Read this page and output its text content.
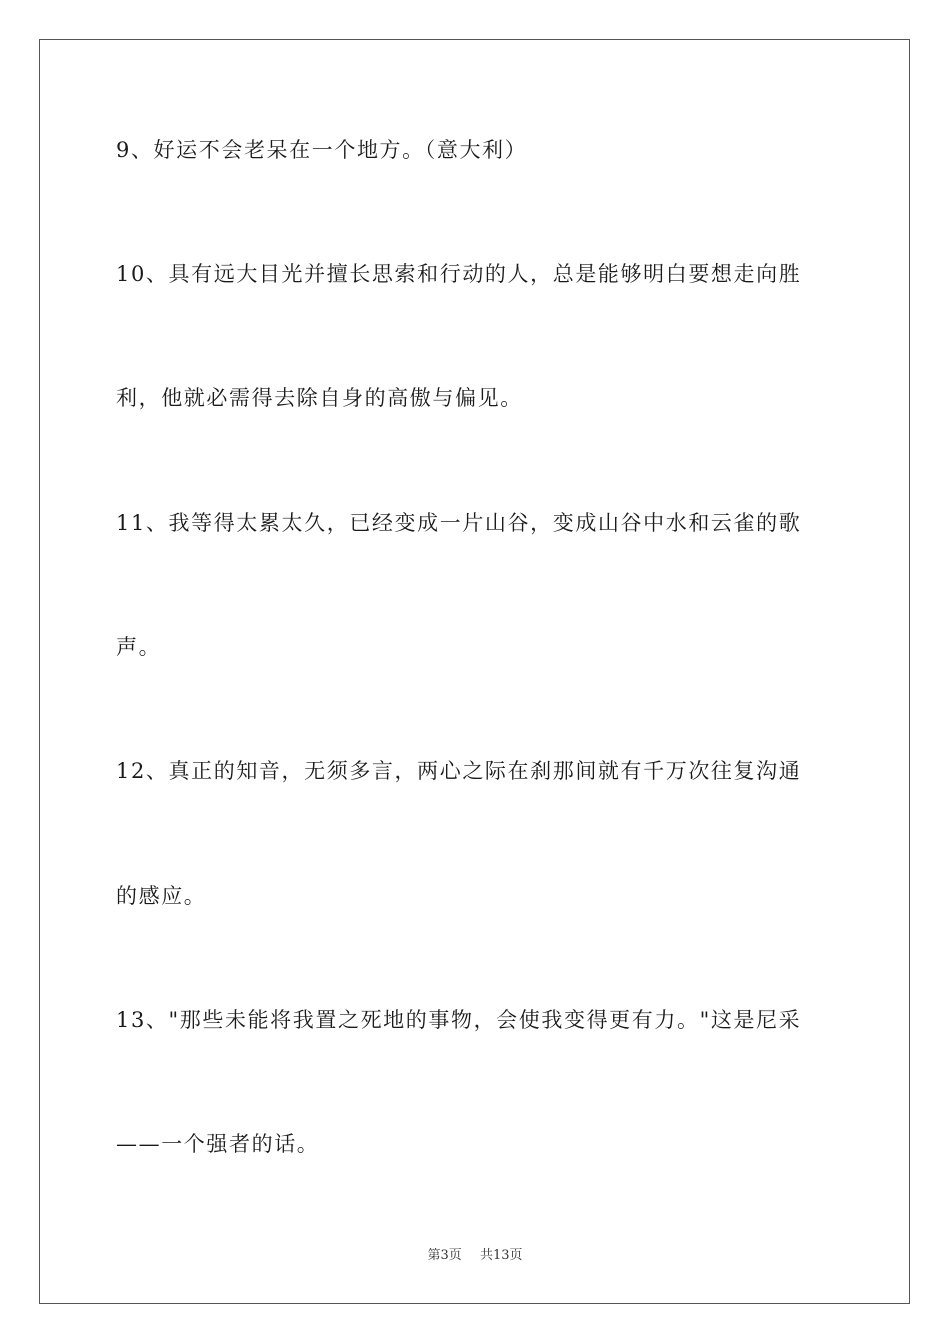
9、好运不会老呆在一个地方。（意大利）
10、具有远大目光并擅长思索和行动的人，总是能够明白要想走向胜
利，他就必需得去除自身的高傲与偏见。
11、我等得太累太久，已经变成一片山谷，变成山谷中水和云雀的歌
声。
12、真正的知音，无须多言，两心之际在刹那间就有千万次往复沟通
的感应。
13、"那些未能将我置之死地的事物，会使我变得更有力。"这是尼采
——一个强者的话。
第3页 共13页
